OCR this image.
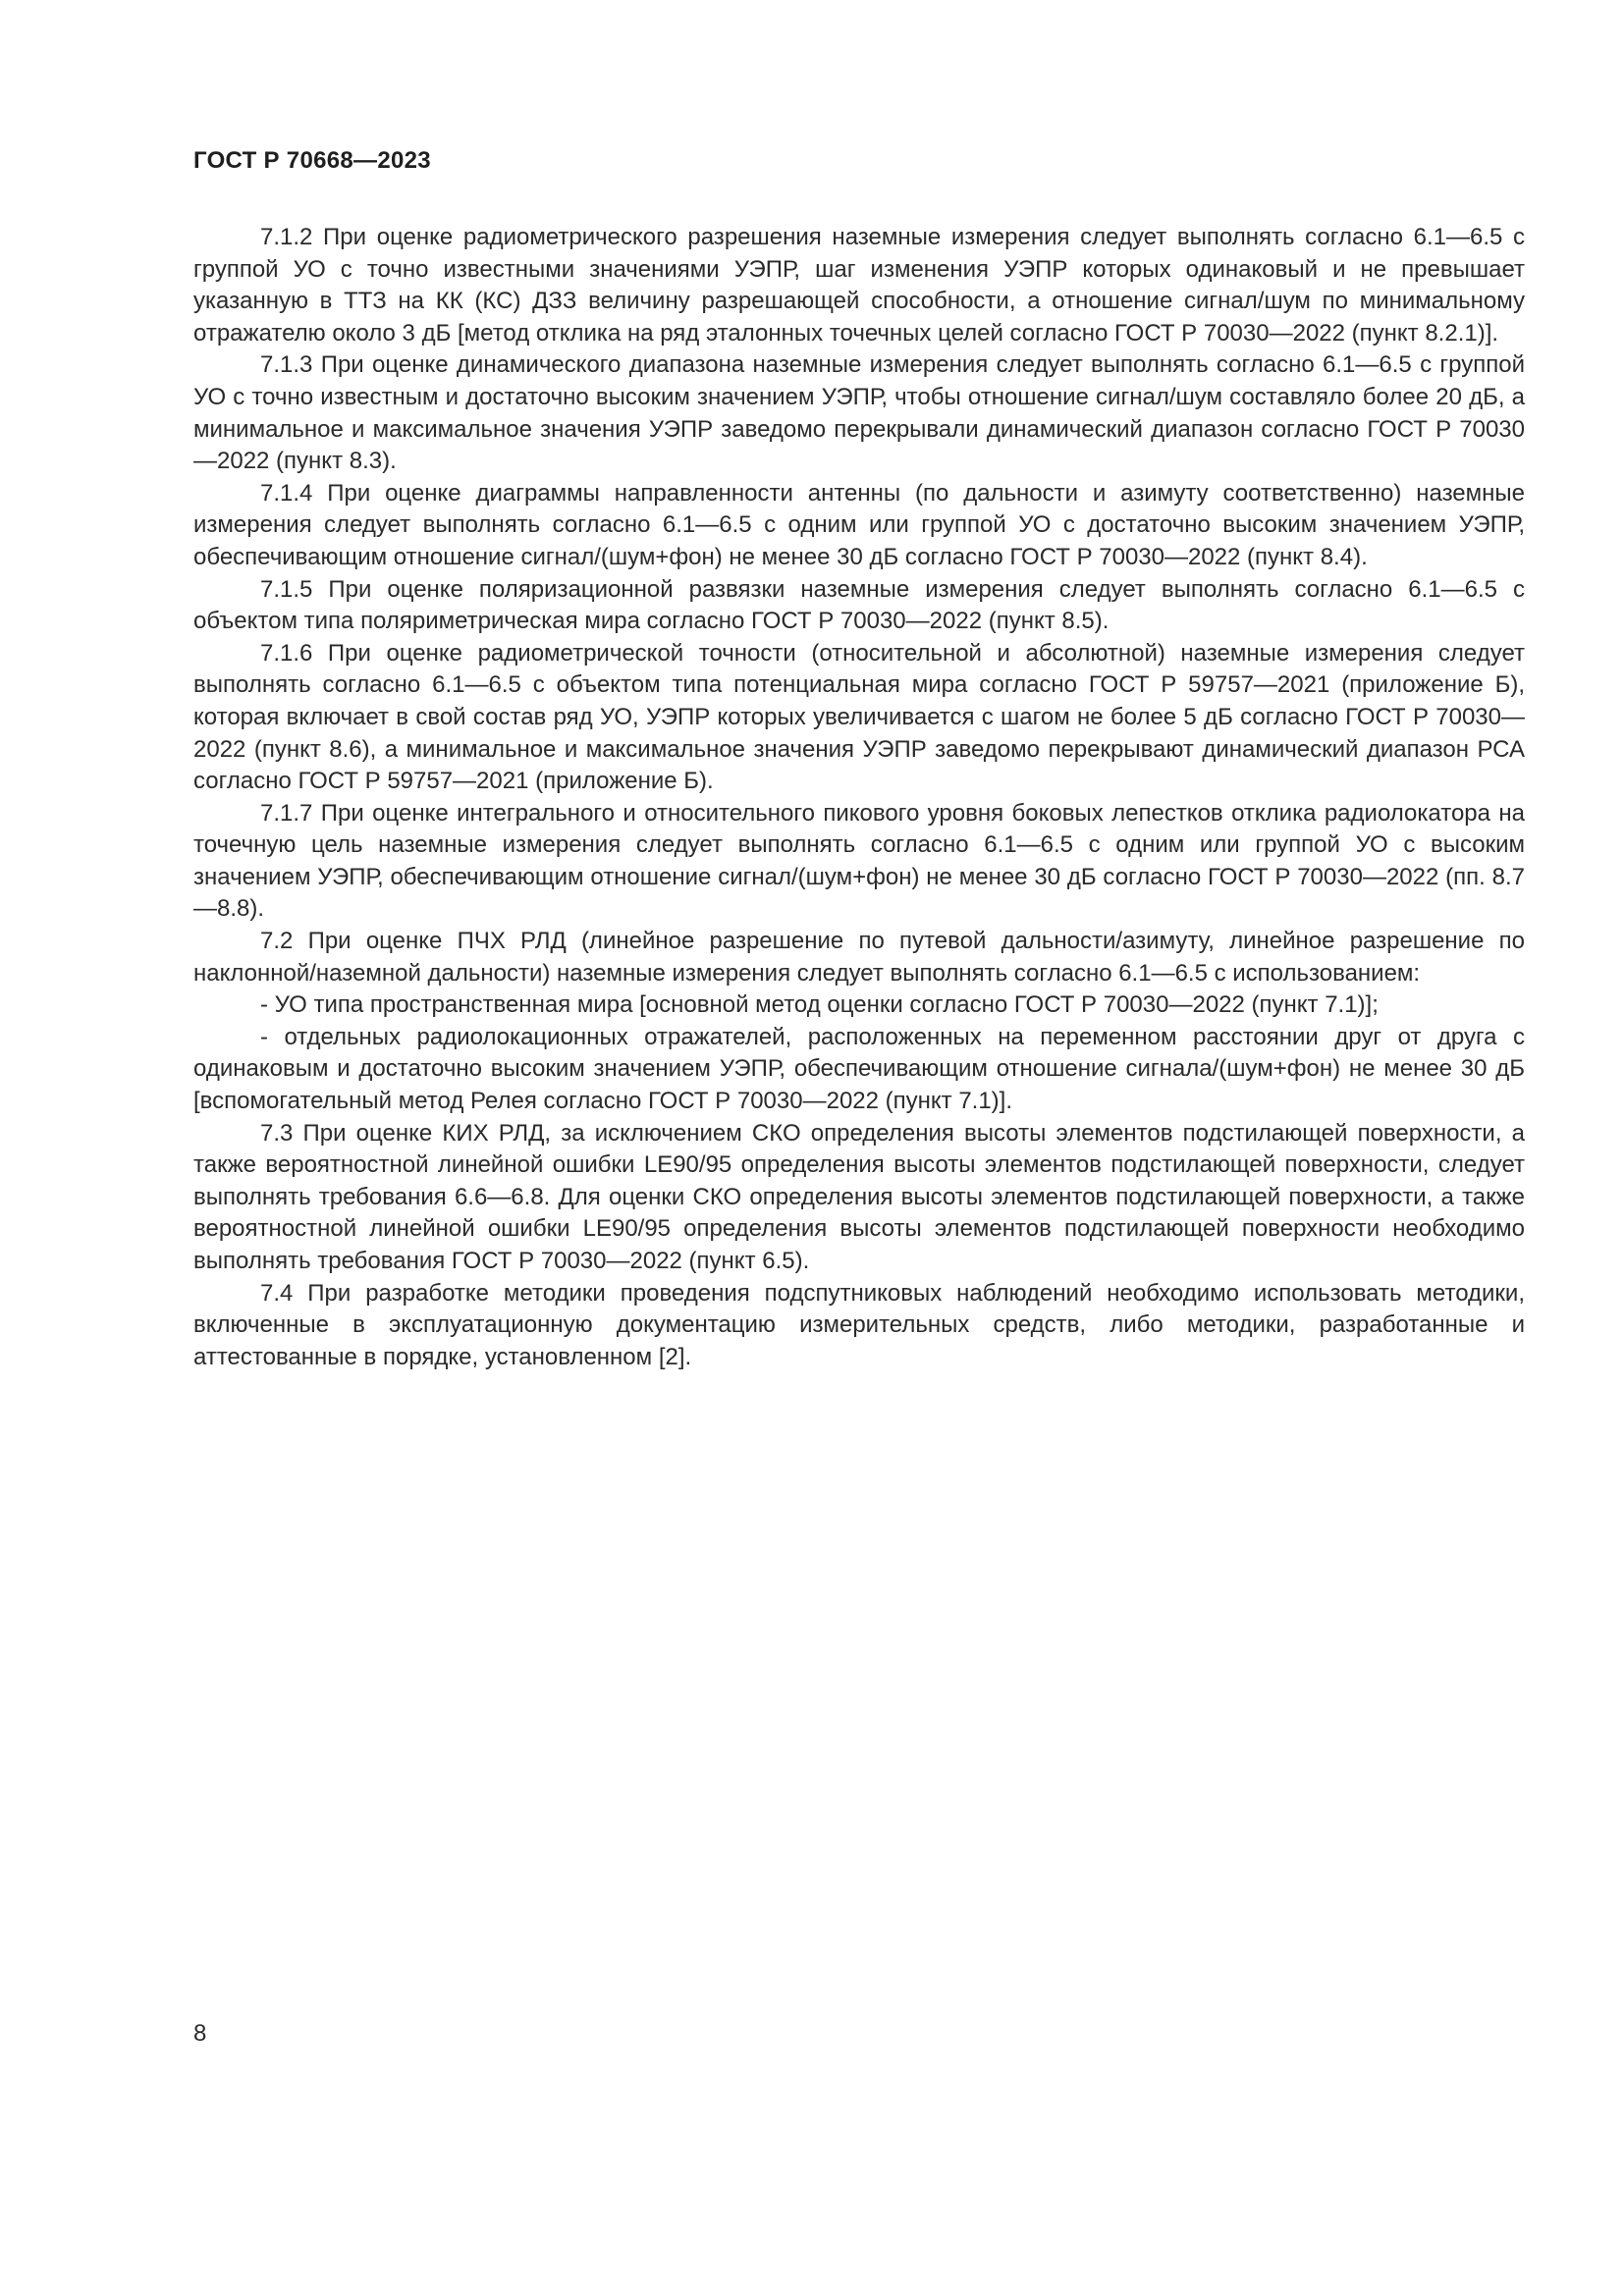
ГОСТ Р 70668—2023

7.1.2 При оценке радиометрического разрешения наземные измерения следует выполнять согласно 6.1—6.5 с группой УО с точно известными значениями УЭПР, шаг изменения УЭПР которых одинаковый и не превышает указанную в ТТЗ на КК (КС) ДЗЗ величину разрешающей способности, а отношение сигнал/шум по минимальному отражателю около 3 дБ [метод отклика на ряд эталонных точечных целей согласно ГОСТ Р 70030—2022 (пункт 8.2.1)].

7.1.3 При оценке динамического диапазона наземные измерения следует выполнять согласно 6.1—6.5 с группой УО с точно известным и достаточно высоким значением УЭПР, чтобы отношение сигнал/шум составляло более 20 дБ, а минимальное и максимальное значения УЭПР заведомо перекрывали динамический диапазон согласно ГОСТ Р 70030—2022 (пункт 8.3).

7.1.4 При оценке диаграммы направленности антенны (по дальности и азимуту соответственно) наземные измерения следует выполнять согласно 6.1—6.5 с одним или группой УО с достаточно высоким значением УЭПР, обеспечивающим отношение сигнал/(шум+фон) не менее 30 дБ согласно ГОСТ Р 70030—2022 (пункт 8.4).

7.1.5 При оценке поляризационной развязки наземные измерения следует выполнять согласно 6.1—6.5 с объектом типа поляриметрическая мира согласно ГОСТ Р 70030—2022 (пункт 8.5).

7.1.6 При оценке радиометрической точности (относительной и абсолютной) наземные измерения следует выполнять согласно 6.1—6.5 с объектом типа потенциальная мира согласно ГОСТ Р 59757—2021 (приложение Б), которая включает в свой состав ряд УО, УЭПР которых увеличивается с шагом не более 5 дБ согласно ГОСТ Р 70030—2022 (пункт 8.6), а минимальное и максимальное значения УЭПР заведомо перекрывают динамический диапазон РСА согласно ГОСТ Р 59757—2021 (приложение Б).

7.1.7 При оценке интегрального и относительного пикового уровня боковых лепестков отклика радиолокатора на точечную цель наземные измерения следует выполнять согласно 6.1—6.5 с одним или группой УО с высоким значением УЭПР, обеспечивающим отношение сигнал/(шум+фон) не менее 30 дБ согласно ГОСТ Р 70030—2022 (пп. 8.7—8.8).

7.2 При оценке ПЧХ РЛД (линейное разрешение по путевой дальности/азимуту, линейное разрешение по наклонной/наземной дальности) наземные измерения следует выполнять согласно 6.1—6.5 с использованием:

- УО типа пространственная мира [основной метод оценки согласно ГОСТ Р 70030—2022 (пункт 7.1)];

- отдельных радиолокационных отражателей, расположенных на переменном расстоянии друг от друга с одинаковым и достаточно высоким значением УЭПР, обеспечивающим отношение сигнала/(шум+фон) не менее 30 дБ [вспомогательный метод Релея согласно ГОСТ Р 70030—2022 (пункт 7.1)].

7.3 При оценке КИХ РЛД, за исключением СКО определения высоты элементов подстилающей поверхности, а также вероятностной линейной ошибки LE90/95 определения высоты элементов подстилающей поверхности, следует выполнять требования 6.6—6.8. Для оценки СКО определения высоты элементов подстилающей поверхности, а также вероятностной линейной ошибки LE90/95 определения высоты элементов подстилающей поверхности необходимо выполнять требования ГОСТ Р 70030—2022 (пункт 6.5).

7.4 При разработке методики проведения подспутниковых наблюдений необходимо использовать методики, включенные в эксплуатационную документацию измерительных средств, либо методики, разработанные и аттестованные в порядке, установленном [2].

8
